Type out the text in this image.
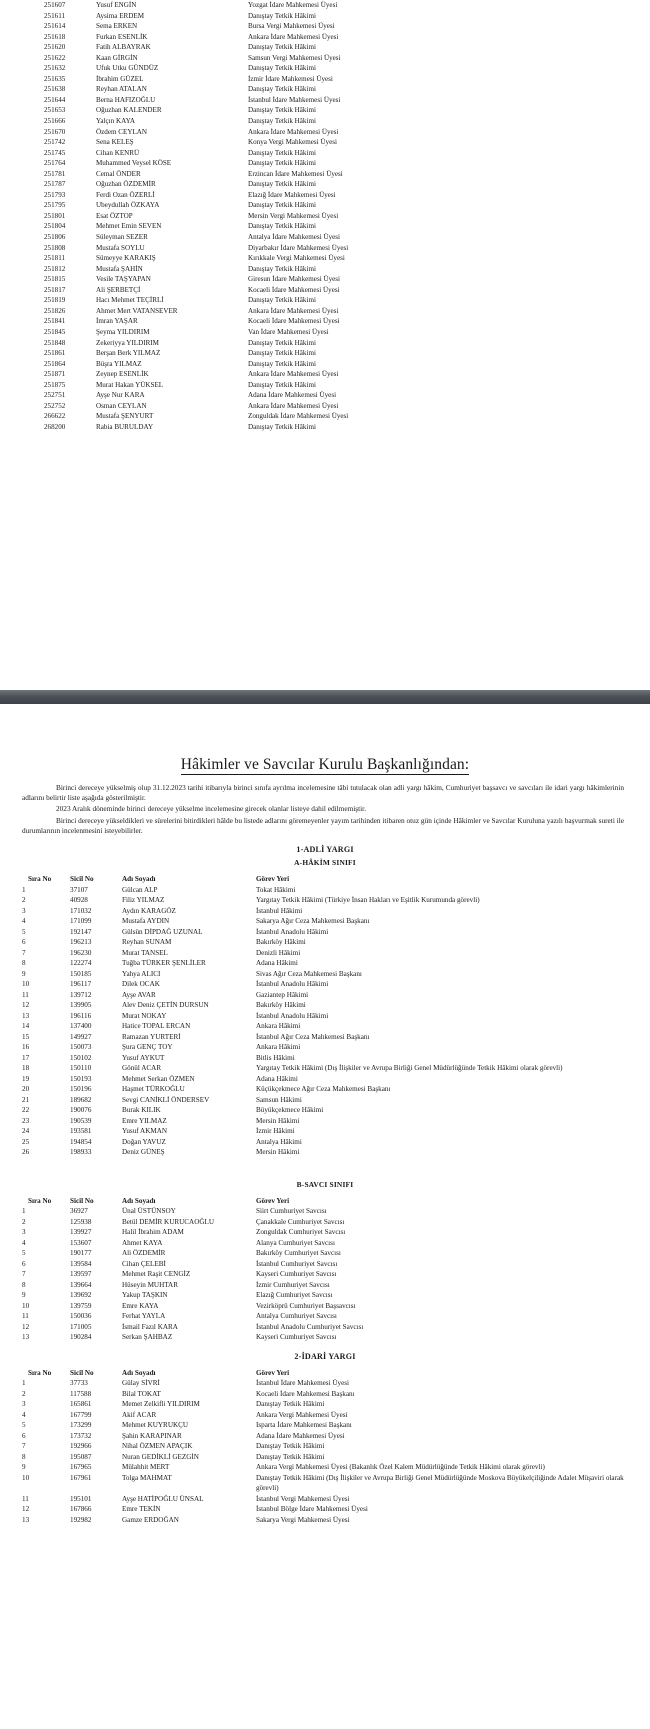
251607	Yusuf ENGİN	Yozgat İdare Mahkemesi Üyesi
251611	Aysima ERDEM	Danıştay Tetkik Hâkimi
251614	Sema ERKEN	Bursa Vergi Mahkemesi Üyesi
251618	Furkan ESENLİK	Ankara İdare Mahkemesi Üyesi
251620	Fatih ALBAYRAK	Danıştay Tetkik Hâkimi
251622	Kaan GİRGİN	Samsun Vergi Mahkemesi Üyesi
251632	Ufuk Utku GÜNDÜZ	Danıştay Tetkik Hâkimi
251635	İbrahim GÜZEL	İzmir İdare Mahkemesi Üyesi
251638	Reyhan ATALAN	Danıştay Tetkik Hâkimi
251644	Berna HAFIZOĞLU	İstanbul İdare Mahkemesi Üyesi
251653	Oğuzhan KALENDER	Danıştay Tetkik Hâkimi
251666	Yalçın KAYA	Danıştay Tetkik Hâkimi
251670	Özdem CEYLAN	Ankara İdare Mahkemesi Üyesi
251742	Sena KELEŞ	Konya Vergi Mahkemesi Üyesi
251745	Cihan KENRÜ	Danıştay Tetkik Hâkimi
251764	Muhammed Veysel KÖSE	Danıştay Tetkik Hâkimi
251781	Cemal ÖNDER	Erzincan İdare Mahkemesi Üyesi
251787	Oğuzhan ÖZDEMİR	Danıştay Tetkik Hâkimi
251793	Ferdi Ozan ÖZERLİ	Elazığ İdare Mahkemesi Üyesi
251795	Ubeydullah ÖZKAYA	Danıştay Tetkik Hâkimi
251801	Esat ÖZTOP	Mersin Vergi Mahkemesi Üyesi
251804	Mehmet Emin SEVEN	Danıştay Tetkik Hâkimi
251806	Süleyman SEZER	Antalya İdare Mahkemesi Üyesi
251808	Mustafa SOYLU	Diyarbakır İdare Mahkemesi Üyesi
251811	Sümeyye KARAKIŞ	Kırıkkale Vergi Mahkemesi Üyesi
251812	Mustafa ŞAHİN	Danıştay Tetkik Hâkimi
251815	Vesile TAŞYAPAN	Giresun İdare Mahkemesi Üyesi
251817	Ali ŞERBETÇİ	Kocaeli İdare Mahkemesi Üyesi
251819	Hacı Mehmet TEÇİRLİ	Danıştay Tetkik Hâkimi
251826	Ahmet Mert VATANSEVER	Ankara İdare Mahkemesi Üyesi
251841	İmran YAŞAR	Kocaeli İdare Mahkemesi Üyesi
251845	Şeyma YILDIRIM	Van İdare Mahkemesi Üyesi
251848	Zekeriyya YILDIRIM	Danıştay Tetkik Hâkimi
251861	Berşan Berk YILMAZ	Danıştay Tetkik Hâkimi
251864	Büşra YILMAZ	Danıştay Tetkik Hâkimi
251871	Zeynep ESENLİK	Ankara İdare Mahkemesi Üyesi
251875	Murat Hakan YÜKSEL	Danıştay Tetkik Hâkimi
252751	Ayşe Nur KARA	Adana İdare Mahkemesi Üyesi
252752	Osman CEYLAN	Ankara İdare Mahkemesi Üyesi
266622	Mustafa ŞENYURT	Zonguldak İdare Mahkemesi Üyesi
268200	Rabia BURULDAY	Danıştay Tetkik Hâkimi
Hâkimler ve Savcılar Kurulu Başkanlığından:

Birinci dereceye yükselmiş olup 31.12.2023 tarihi itibarıyla birinci sınıfa ayrılma incelemesine tâbi tutulacak olan adli yargı hâkim, Cumhuriyet başsavcı ve savcıları ile idari yargı hâkimlerinin adlarını belirtir liste aşağıda gösterilmiştir.

2023 Aralık döneminde birinci dereceye yükselme incelemesine girecek olanlar listeye dahil edilmemiştir.

Birinci dereceye yükseldikleri ve sürelerini bitirdikleri hâlde bu listede adlarını göremeyenler yayım tarihinden itibaren otuz gün içinde Hâkimler ve Savcılar Kuruluna yazılı başvurmak sureti ile durumlarının incelenmesini isteyebilirler.

1-ADLİ YARGI
A-HÂKİM SINIFI
Sıra No	Sicil No	Adı Soyadı	Görev Yeri
1	37107	Gülcan ALP	Tokat Hâkimi
2	40928	Filiz YILMAZ	Yargıtay Tetkik Hâkimi (Türkiye İnsan Hakları ve Eşitlik Kurumunda görevli)
3	171032	Aydın KARAGÖZ	İstanbul Hâkimi
4	171099	Mustafa AYDIN	Sakarya Ağır Ceza Mahkemesi Başkanı
5	192147	Gülsün DİPDAĞ UZUNAL	İstanbul Anadolu Hâkimi
6	196213	Reyhan SUNAM	Bakırköy Hâkimi
7	196230	Murat TANSEL	Denizli Hâkimi
8	122274	Tuğba TÜRKER ŞENLİLER	Adana Hâkimi
9	150185	Yahya ALICI	Sivas Ağır Ceza Mahkemesi Başkanı
10	196117	Dilek OCAK	İstanbul Anadolu Hâkimi
11	139712	Ayşe AVAR	Gaziantep Hâkimi
12	139905	Alev Deniz ÇETİN DURSUN	Bakırköy Hâkimi
13	196116	Murat NOKAY	İstanbul Anadolu Hâkimi
14	137400	Hatice TOPAL ERCAN	Ankara Hâkimi
15	149927	Ramazan YURTERİ	İstanbul Ağır Ceza Mahkemesi Başkanı
16	150073	Şura GENÇ TOY	Ankara Hâkimi
17	150102	Yusuf AYKUT	Bitlis Hâkimi
18	150110	Gönül ACAR	Yargıtay Tetkik Hâkimi (Dış İlişkiler ve Avrupa Birliği Genel Müdürlüğünde Tetkik Hâkimi olarak görevli)
19	150193	Mehmet Serkan ÖZMEN	Adana Hâkimi
20	150196	Haşmet TÜRKOĞLU	Küçükçekmece Ağır Ceza Mahkemesi Başkanı
21	189682	Sevgi CANİKLİ ÖNDERSEV	Samsun Hâkimi
22	190076	Burak KILIK	Büyükçekmece Hâkimi
23	190539	Emre YILMAZ	Mersin Hâkimi
24	193581	Yusuf AKMAN	İzmir Hâkimi
25	194854	Doğan YAVUZ	Antalya Hâkimi
26	198933	Deniz GÜNEŞ	Mersin Hâkimi
B-SAVCI SINIFI
Sıra No	Sicil No	Adı Soyadı	Görev Yeri
1	36927	Ünal ÜSTÜNSOY	Siirt Cumhuriyet Savcısı
2	125938	Betül DEMİR KURUCAOĞLU	Çanakkale Cumhuriyet Savcısı
3	139927	Halil İbrahim ADAM	Zonguldak Cumhuriyet Savcısı
4	153607	Ahmet KAYA	Alanya Cumhuriyet Savcısı
5	190177	Ali ÖZDEMİR	Bakırköy Cumhuriyet Savcısı
6	139584	Cihan ÇELEBİ	İstanbul Cumhuriyet Savcısı
7	139597	Mehmet Raşit CENGİZ	Kayseri Cumhuriyet Savcısı
8	139664	Hüseyin MUHTAR	İzmir Cumhuriyet Savcısı
9	139692	Yakup TAŞKIN	Elazığ Cumhuriyet Savcısı
10	139759	Emre KAYA	Vezirköprü Cumhuriyet Başsavcısı
11	150036	Ferhat YAYLA	Antalya Cumhuriyet Savcısı
12	171005	İsmail Fazıl KARA	İstanbul Anadolu Cumhuriyet Savcısı
13	190284	Serkan ŞAHBAZ	Kayseri Cumhuriyet Savcısı
2-İDARİ YARGI
Sıra No	Sicil No	Adı Soyadı	Görev Yeri
1	37733	Gülay SİVRİ	İstanbul İdare Mahkemesi Üyesi
2	117588	Bilal TOKAT	Kocaeli İdare Mahkemesi Başkanı
3	165861	Memet Zelkifli YILDIRIM	Danıştay Tetkik Hâkimi
4	167799	Akif ACAR	Ankara Vergi Mahkemesi Üyesi
5	173299	Mehmet KUYRUKÇU	Isparta İdare Mahkemesi Başkanı
6	173732	Şahin KARAPINAR	Adana İdare Mahkemesi Üyesi
7	192966	Nihal ÖZMEN APAÇIK	Danıştay Tetkik Hâkimi
8	195087	Nuran GEDİKLİ GEZGİN	Danıştay Tetkik Hâkimi
9	167965	Mülahhit MERT	Ankara Vergi Mahkemesi Üyesi (Bakanlık Özel Kalem Müdürlüğünde Tetkik Hâkimi olarak görevli)
10	167961	Tolga MAHMAT	Danıştay Tetkik Hâkimi (Dış İlişkiler ve Avrupa Birliği Genel Müdürlüğünde Moskova Büyükelçiliğinde Adalet Müşaviri olarak görevli)
11	195101	Ayşe HATİPOĞLU ÜNSAL	İstanbul Vergi Mahkemesi Üyesi
12	167866	Emre TEKİN	İstanbul Bölge İdare Mahkemesi Üyesi
13	192982	Gamze ERDOĞAN	Sakarya Vergi Mahkemesi Üyesi
